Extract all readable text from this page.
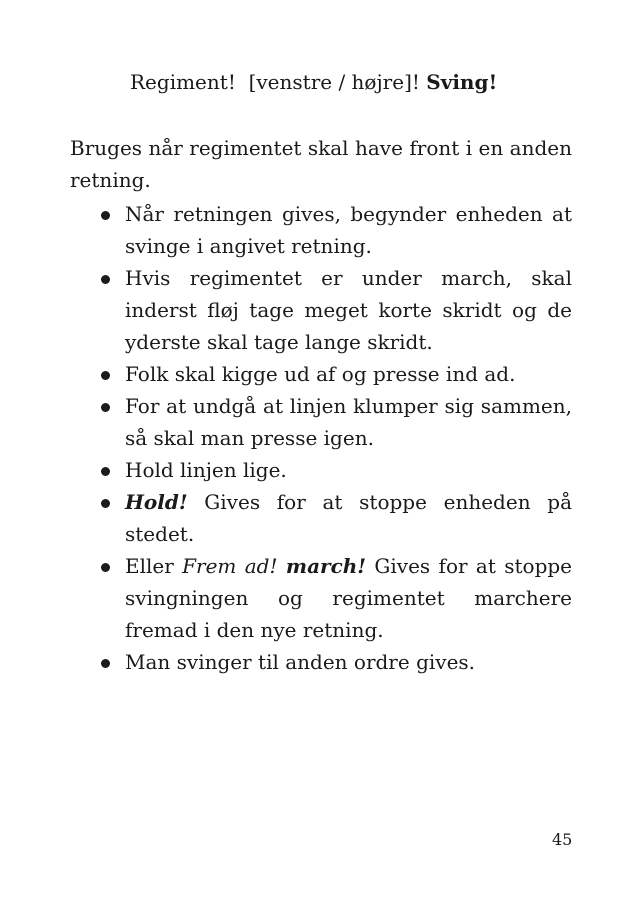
Regiment! [venstre / højre]! Sving!

Bruges når regimentet skal have front i en anden retning.

Når retningen gives, begynder enheden at svinge i angivet retning.
Hvis regimentet er under march, skal inderst fløj tage meget korte skridt og de yderste skal tage lange skridt.
Folk skal kigge ud af og presse ind ad.
For at undgå at linjen klumper sig sammen, så skal man presse igen.
Hold linjen lige.
Hold! Gives for at stoppe enheden på stedet.
Eller Frem ad! march! Gives for at stoppe svingningen og regimentet marchere fremad i den nye retning.
Man svinger til anden ordre gives.
45
